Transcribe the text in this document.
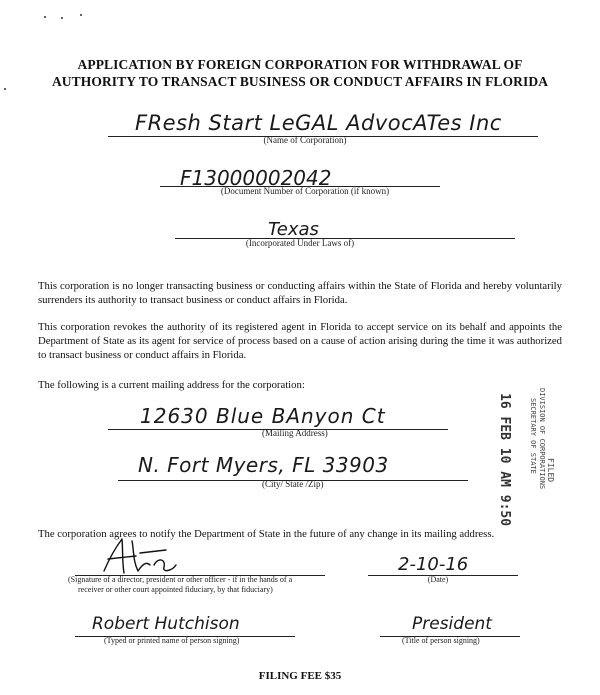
APPLICATION BY FOREIGN CORPORATION FOR WITHDRAWAL OF
AUTHORITY TO TRANSACT BUSINESS OR CONDUCT AFFAIRS IN FLORIDA
FResh Start LeGAL AdvocATes Inc
(Name of Corporation)
F13000002042
(Document Number of Corporation (if known)
Texas
(Incorporated Under Laws of)
This corporation is no longer transacting business or conducting affairs within the State of Florida and hereby voluntarily surrenders its authority to transact business or conduct affairs in Florida.
This corporation revokes the authority of its registered agent in Florida to accept service on its behalf and appoints the Department of State as its agent for service of process based on a cause of action arising during the time it was authorized to transact business or conduct affairs in Florida.
The following is a current mailing address for the corporation:
12630 Blue BAnyon Ct
(Mailing Address)
N. Fort Myers, FL 33903
(City/ State /Zip)	16 FEB 10 AM 9:50 SECRETARY OF STATE DIVISION OF CORPORATIONS FILED
The corporation agrees to notify the Department of State in the future of any change in its mailing address.
(Signature of a director, president or other officer - if in the hands of a
receiver or other court appointed fiduciary, by that fiduciary)
2-10-16
(Date)
Robert Hutchison
(Typed or printed name of person signing)
President
(Title of person signing)
FILING FEE $35
